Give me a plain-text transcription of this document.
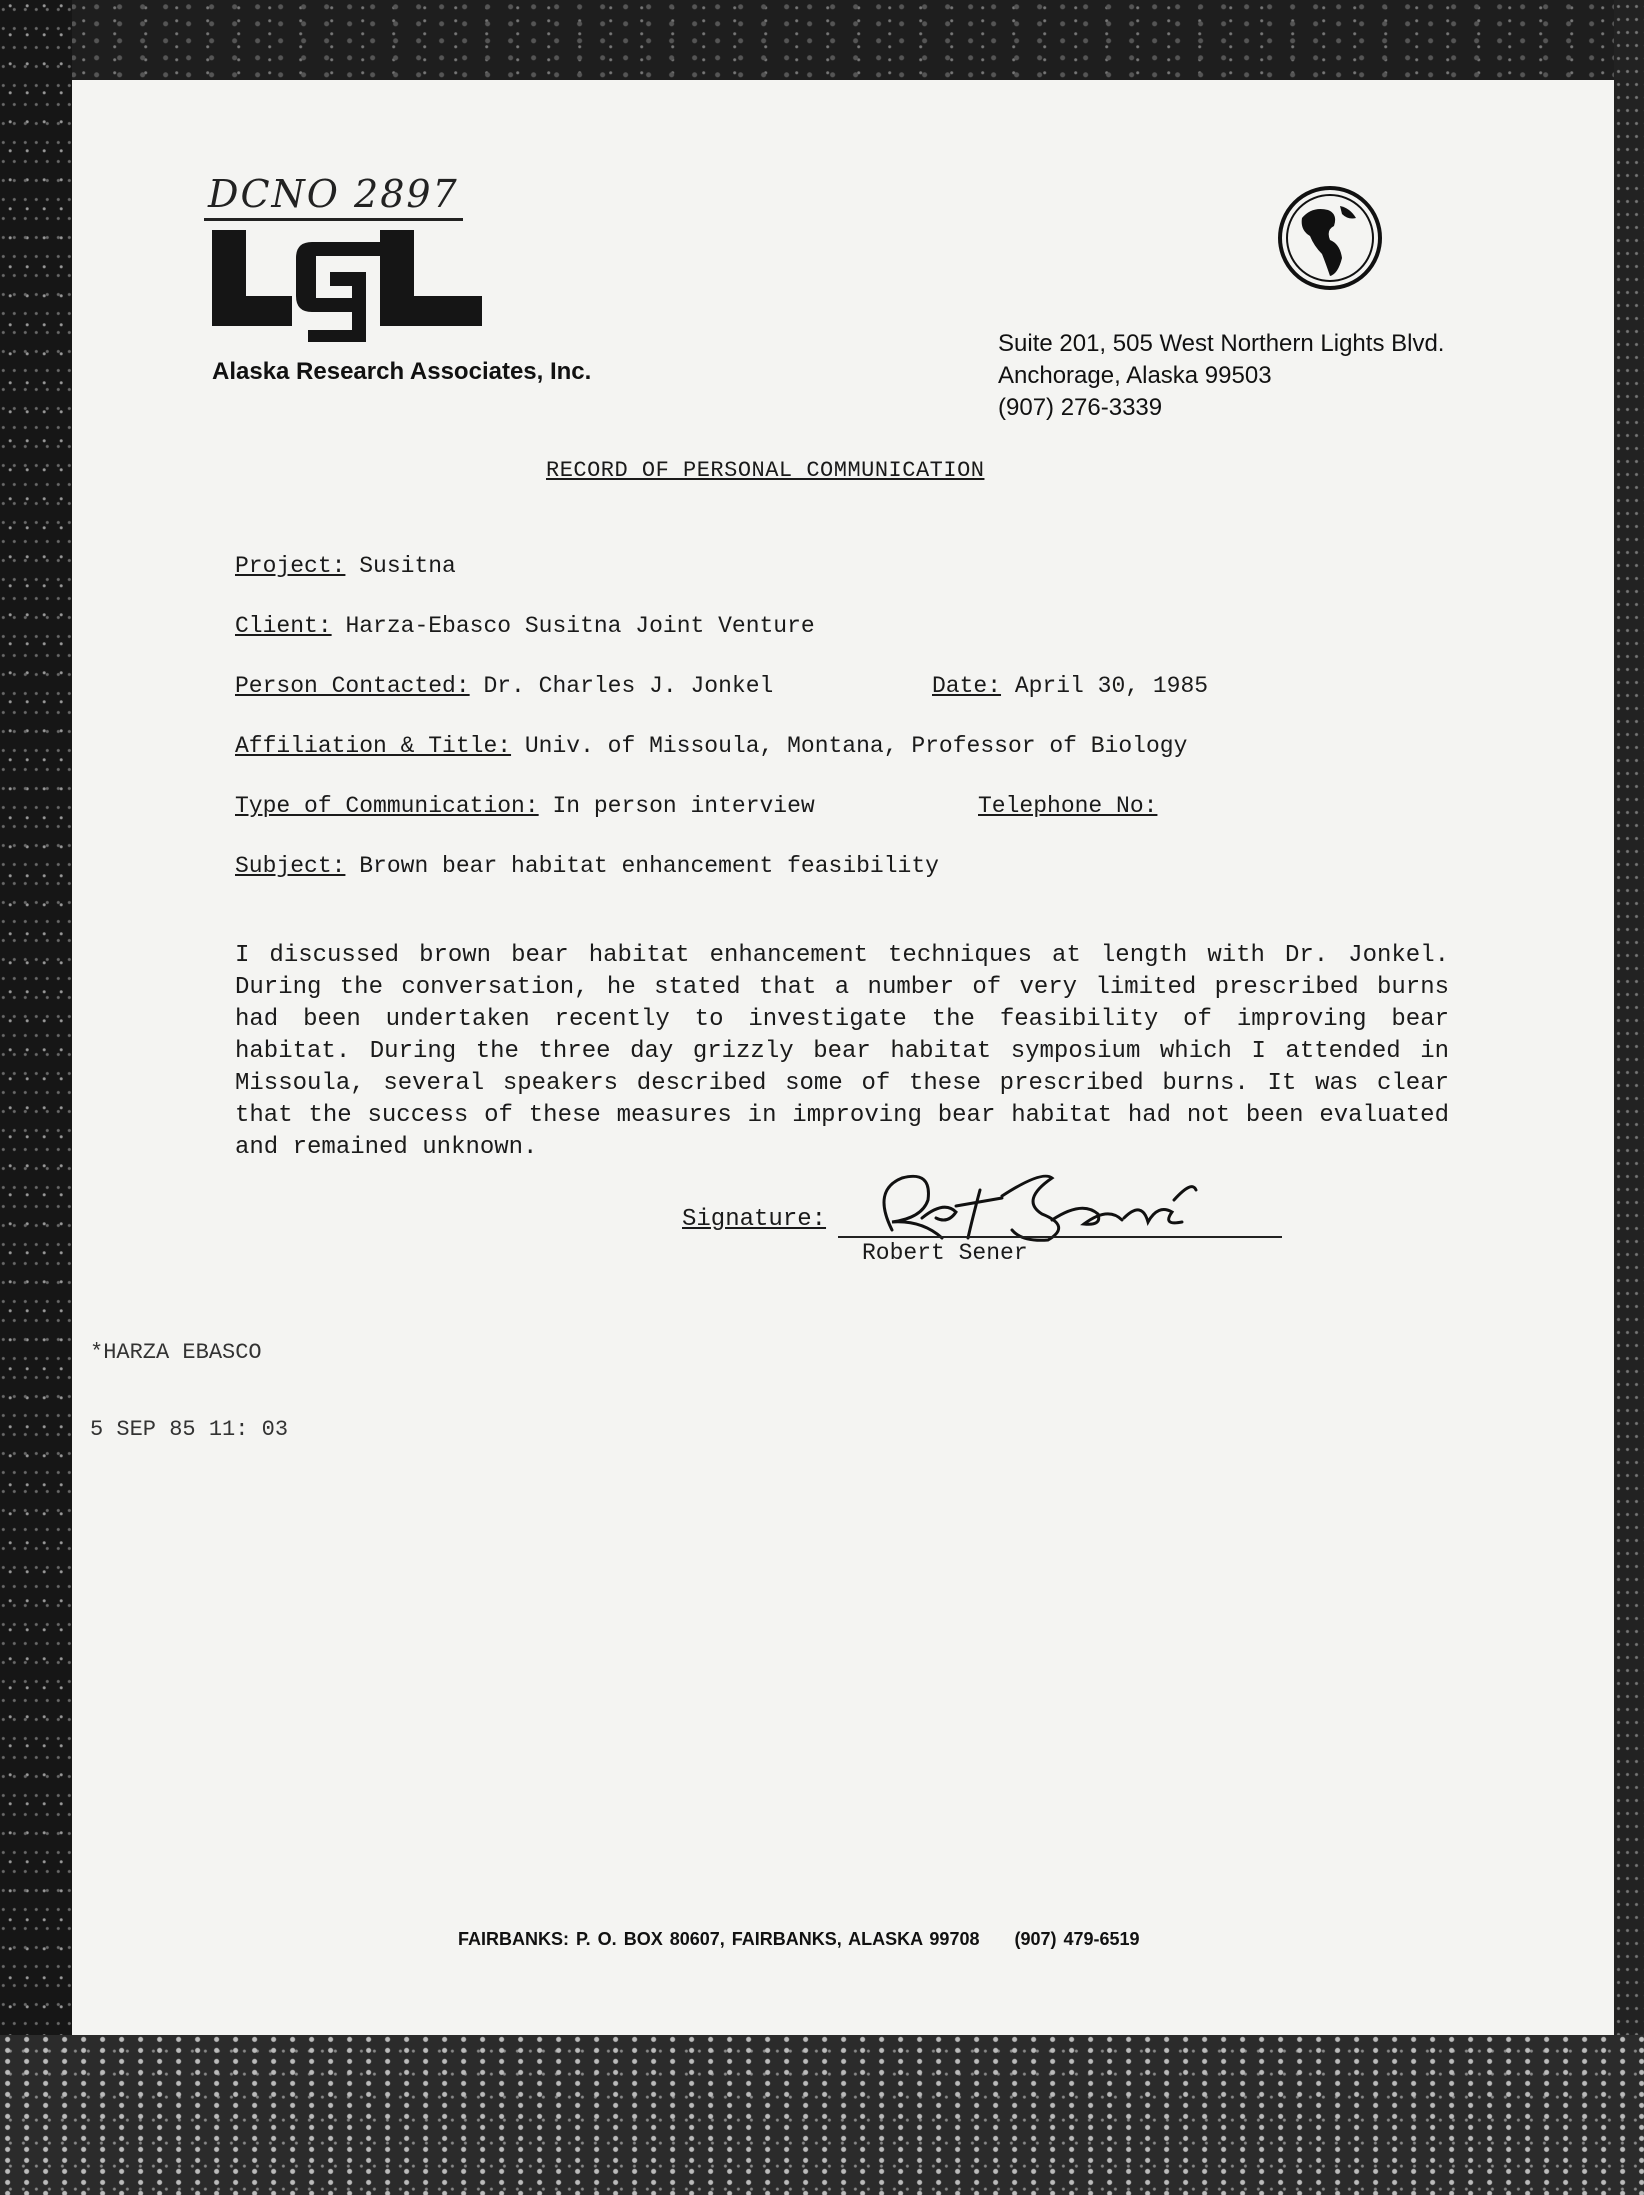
DCNO 2897
Alaska Research Associates, Inc.
Suite 201, 505 West Northern Lights Blvd.
Anchorage, Alaska 99503
(907) 276-3339
RECORD OF PERSONAL COMMUNICATION
Project: Susitna
Client: Harza-Ebasco Susitna Joint Venture
Person Contacted: Dr. Charles J. Jonkel	Date: April 30, 1985
Affiliation & Title: Univ. of Missoula, Montana, Professor of Biology
Type of Communication: In person interview	Telephone No:
Subject: Brown bear habitat enhancement feasibility
I discussed brown bear habitat enhancement techniques at length with Dr. Jonkel. During the conversation, he stated that a number of very limited prescribed burns had been undertaken recently to investigate the feasibility of improving bear habitat. During the three day grizzly bear habitat symposium which I attended in Missoula, several speakers described some of these prescribed burns. It was clear that the success of these measures in improving bear habitat had not been evaluated and remained unknown.
Signature:
Robert Sener
*HARZA EBASCO
5 SEP 85 11: 03
FAIRBANKS: P. O. BOX 80607, FAIRBANKS, ALASKA 99708     (907) 479-6519
